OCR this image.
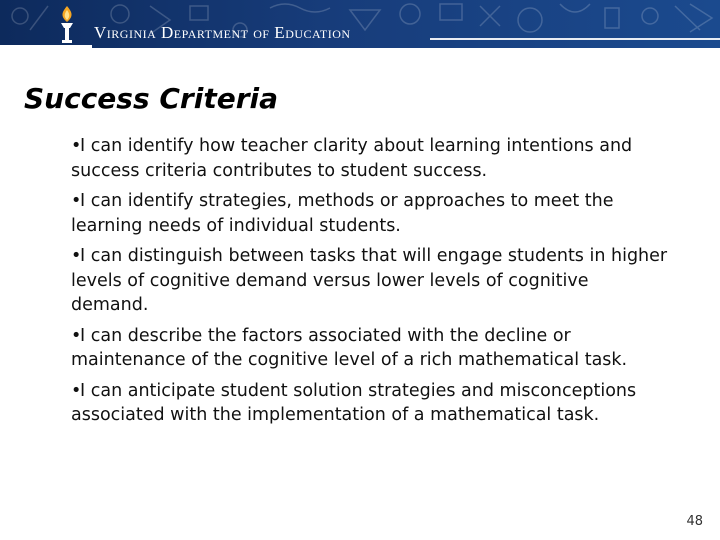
Virginia Department of Education
Success Criteria
•I can identify how teacher clarity about learning intentions and success criteria contributes to student success.
•I can identify strategies, methods or approaches to meet the learning needs of individual students.
•I can distinguish between tasks that will engage students in higher levels of cognitive demand versus lower levels of cognitive demand.
•I can describe the factors associated with the decline or maintenance of the cognitive level of a rich mathematical task.
•I can anticipate student solution strategies and misconceptions associated with the implementation of a mathematical task.
48
